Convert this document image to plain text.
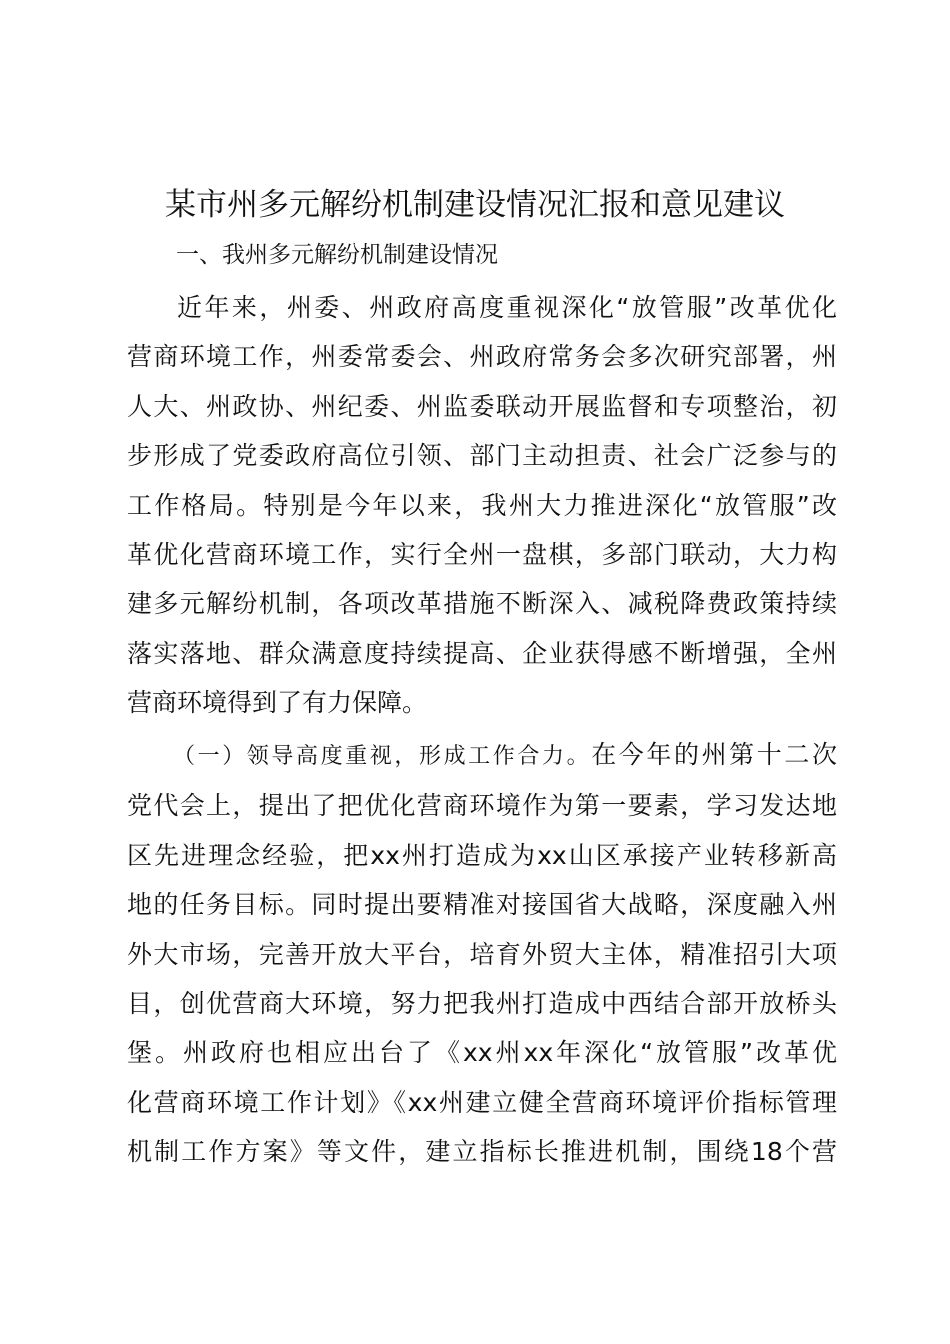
某市州多元解纷机制建设情况汇报和意见建议
一、我州多元解纷机制建设情况
近年来，州委、州政府高度重视深化“放管服”改革优化
营商环境工作，州委常委会、州政府常务会多次研究部署，州
人大、州政协、州纪委、州监委联动开展监督和专项整治，初
步形成了党委政府高位引领、部门主动担责、社会广泛参与的
工作格局。特别是今年以来，我州大力推进深化“放管服”改
革优化营商环境工作，实行全州一盘棋，多部门联动，大力构
建多元解纷机制，各项改革措施不断深入、减税降费政策持续
落实落地、群众满意度持续提高、企业获得感不断增强，全州
营商环境得到了有力保障。
（一）领导高度重视，形成工作合力。在今年的州第十二次
党代会上，提出了把优化营商环境作为第一要素，学习发达地
区先进理念经验，把xx州打造成为xx山区承接产业转移新高
地的任务目标。同时提出要精准对接国省大战略，深度融入州
外大市场，完善开放大平台，培育外贸大主体，精准招引大项
目，创优营商大环境，努力把我州打造成中西结合部开放桥头
堡。州政府也相应出台了《xx州xx年深化“放管服”改革优
化营商环境工作计划》《xx州建立健全营商环境评价指标管理
机制工作方案》等文件，建立指标长推进机制，围绕18个营
